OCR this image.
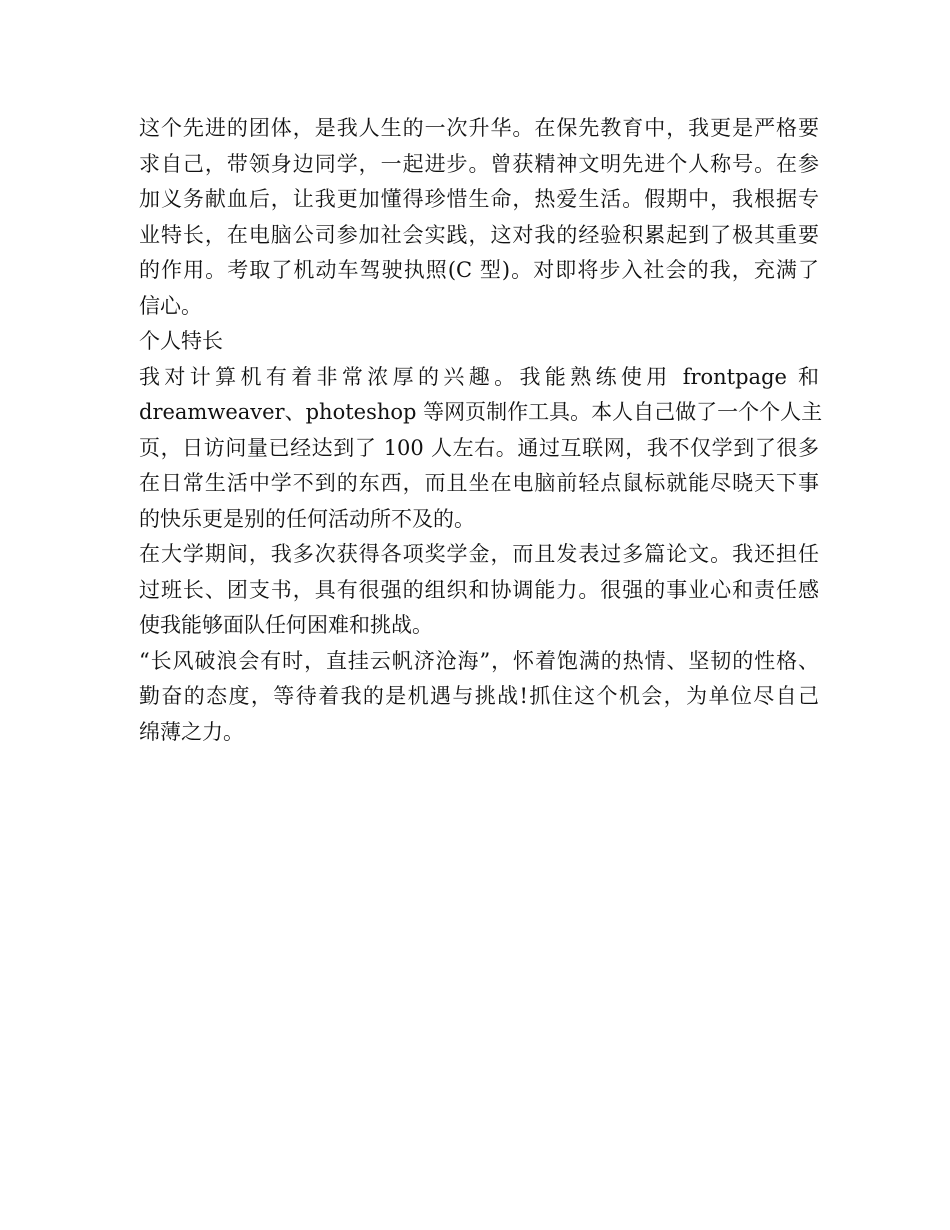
这个先进的团体，是我人生的一次升华。在保先教育中，我更是严格要
求自己，带领身边同学，一起进步。曾获精神文明先进个人称号。在参
加义务献血后，让我更加懂得珍惜生命，热爱生活。假期中，我根据专
业特长，在电脑公司参加社会实践，这对我的经验积累起到了极其重要
的作用。考取了机动车驾驶执照(C 型)。对即将步入社会的我，充满了
信心。
个人特长
我对计算机有着非常浓厚的兴趣。我能熟练使用 frontpage 和
dreamweaver、photeshop 等网页制作工具。本人自己做了一个个人主
页，日访问量已经达到了 100 人左右。通过互联网，我不仅学到了很多
在日常生活中学不到的东西，而且坐在电脑前轻点鼠标就能尽晓天下事
的快乐更是别的任何活动所不及的。
在大学期间，我多次获得各项奖学金，而且发表过多篇论文。我还担任
过班长、团支书，具有很强的组织和协调能力。很强的事业心和责任感
使我能够面队任何困难和挑战。
“长风破浪会有时，直挂云帆济沧海”，怀着饱满的热情、坚韧的性格、
勤奋的态度，等待着我的是机遇与挑战!抓住这个机会，为单位尽自己
绵薄之力。
